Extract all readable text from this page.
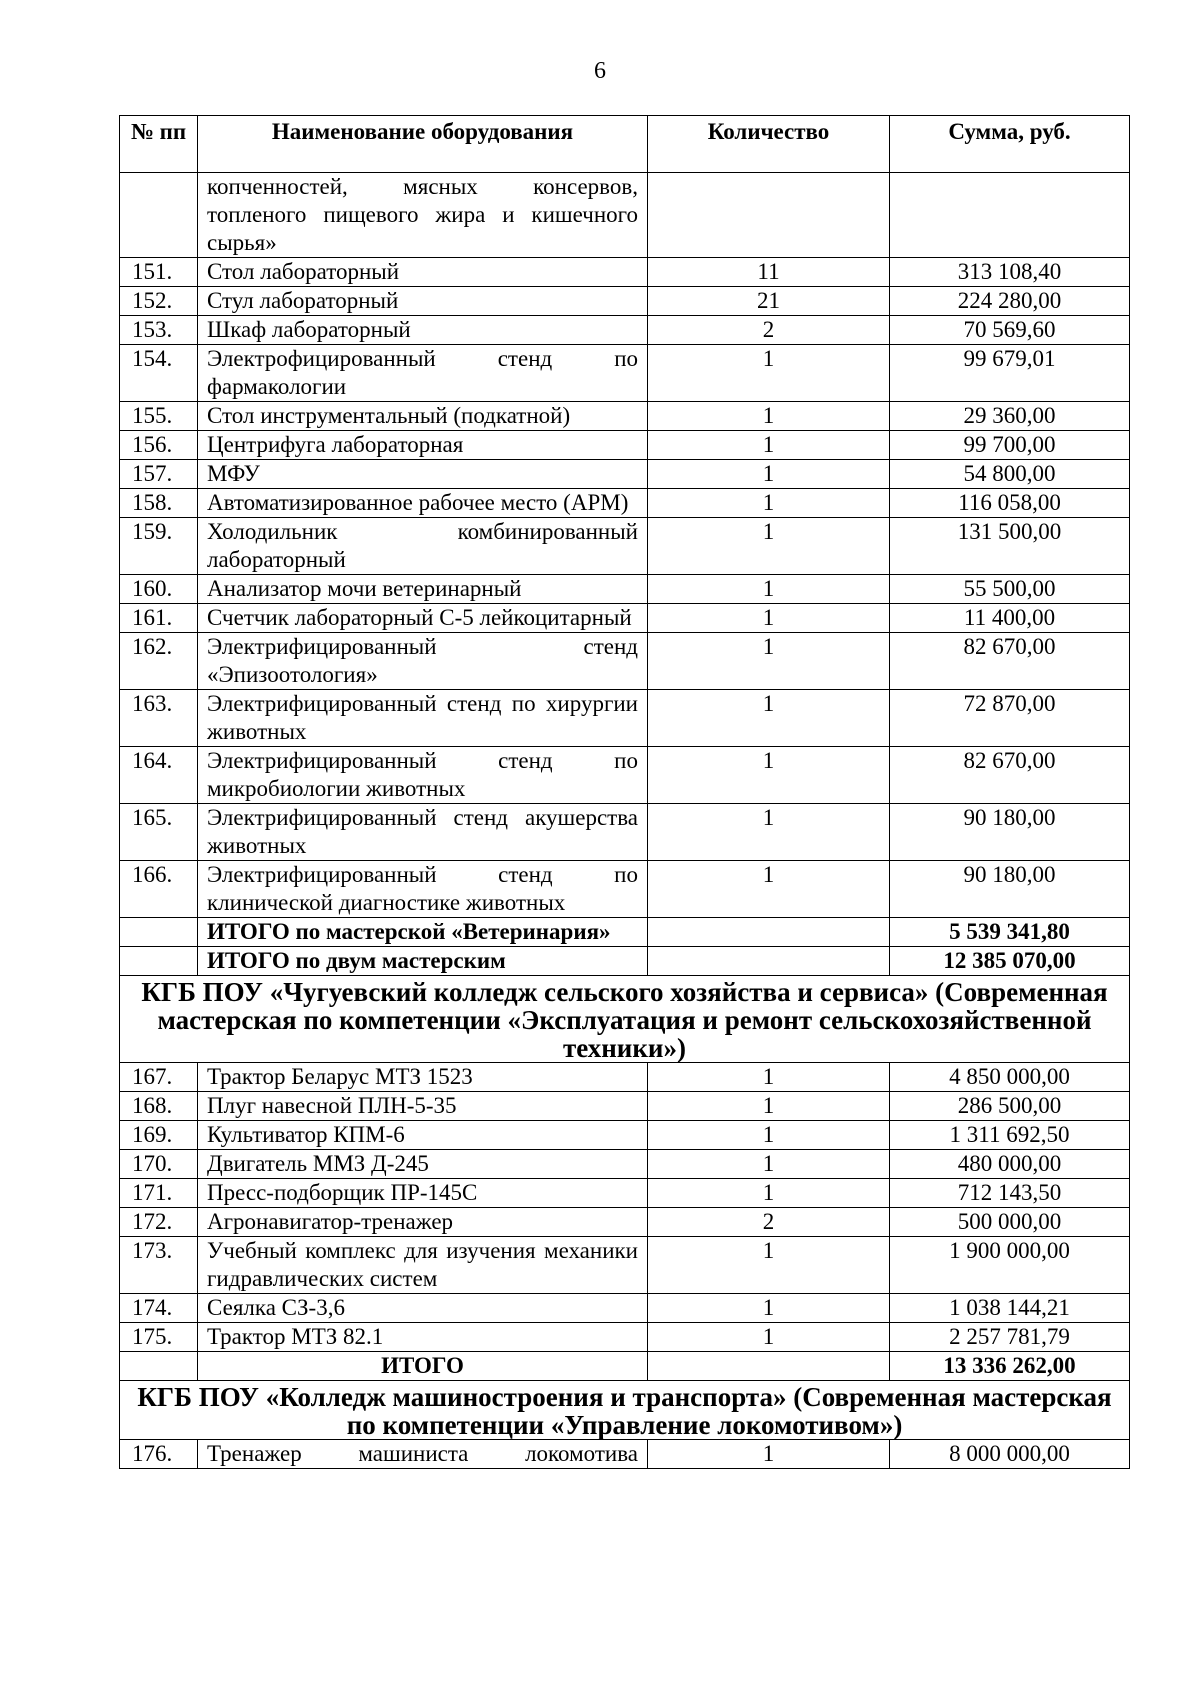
6
№ пп	Наименование оборудования	Количество	Сумма, руб.
	копченностей, мясных консервов, топленого пищевого жира и кишечного сырья»		
151.	Стол лабораторный	11	313 108,40
152.	Стул лабораторный	21	224 280,00
153.	Шкаф лабораторный	2	70 569,60
154.	Электрофицированный стенд по фармакологии	1	99 679,01
155.	Стол инструментальный (подкатной)	1	29 360,00
156.	Центрифуга лабораторная	1	99 700,00
157.	МФУ	1	54 800,00
158.	Автоматизированное рабочее место (АРМ)	1	116 058,00
159.	Холодильник комбинированный лабораторный	1	131 500,00
160.	Анализатор мочи ветеринарный	1	55 500,00
161.	Счетчик лабораторный С-5 лейкоцитарный	1	11 400,00
162.	Электрифицированный стенд «Эпизоотология»	1	82 670,00
163.	Электрифицированный стенд по хирургии животных	1	72 870,00
164.	Электрифицированный стенд по микробиологии животных	1	82 670,00
165.	Электрифицированный стенд акушерства животных	1	90 180,00
166.	Электрифицированный стенд по клинической диагностике животных	1	90 180,00
	ИТОГО по мастерской «Ветеринария»		5 539 341,80
	ИТОГО по двум мастерским		12 385 070,00
КГБ ПОУ «Чугуевский колледж сельского хозяйства и сервиса» (Современная мастерская по компетенции «Эксплуатация и ремонт сельскохозяйственной техники»)			
167.	Трактор Беларус МТЗ 1523	1	4 850 000,00
168.	Плуг навесной ПЛН-5-35	1	286 500,00
169.	Культиватор КПМ-6	1	1 311 692,50
170.	Двигатель ММЗ Д-245	1	480 000,00
171.	Пресс-подборщик ПР-145С	1	712 143,50
172.	Агронавигатор-тренажер	2	500 000,00
173.	Учебный комплекс для изучения механики гидравлических систем	1	1 900 000,00
174.	Сеялка СЗ-3,6	1	1 038 144,21
175.	Трактор МТЗ 82.1	1	2 257 781,79
	ИТОГО		13 336 262,00
КГБ ПОУ «Колледж машиностроения и транспорта» (Современная мастерская по компетенции «Управление локомотивом»)			
176.	Тренажер машиниста локомотива	1	8 000 000,00
